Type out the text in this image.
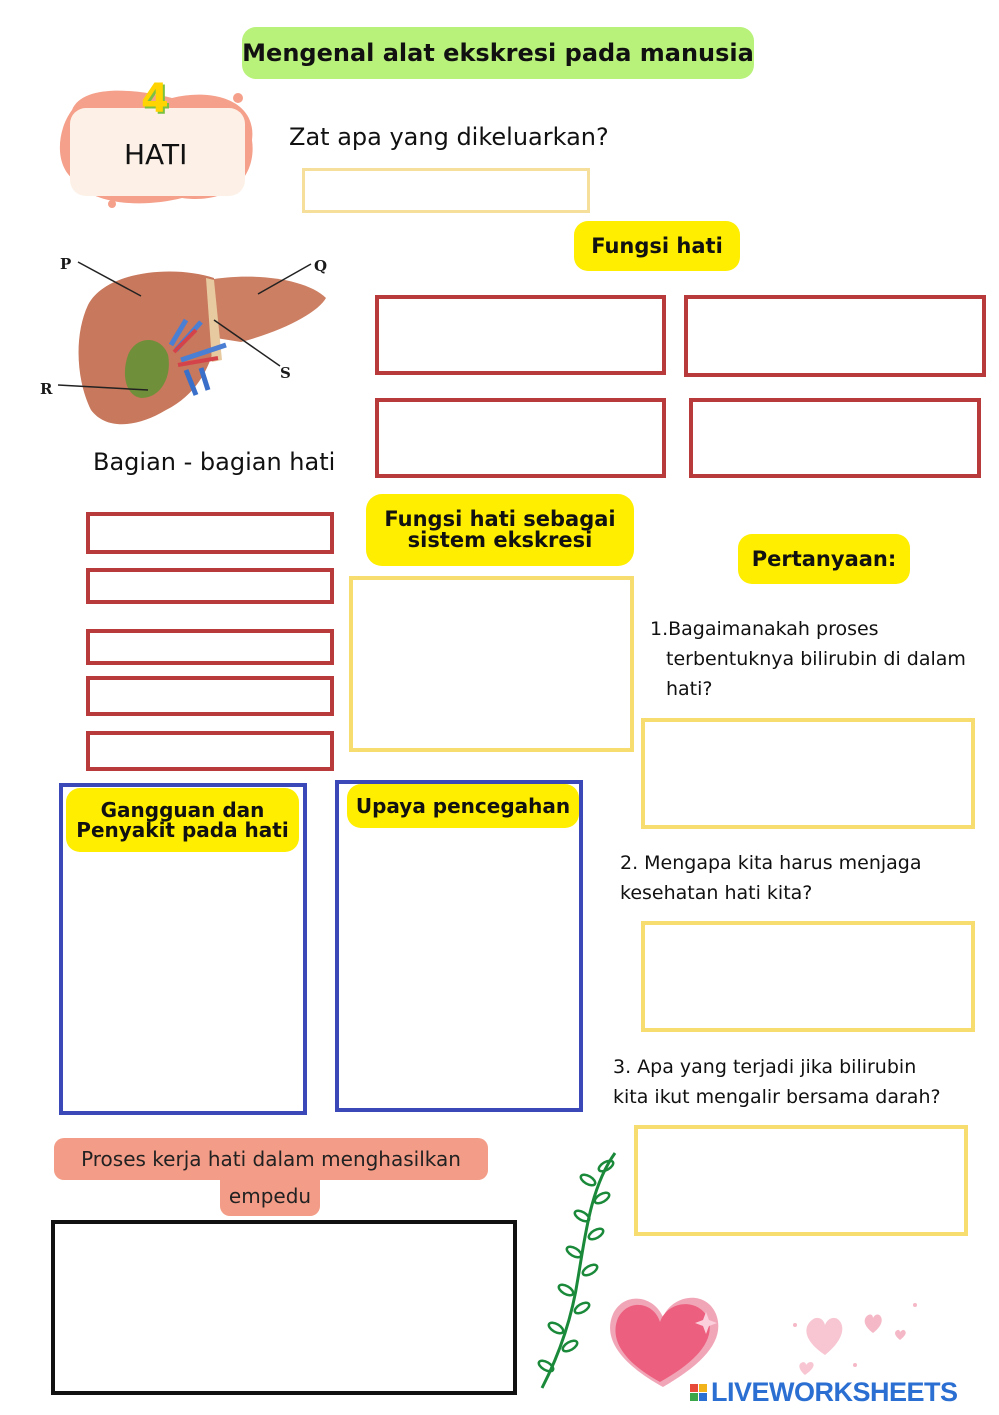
Mengenal alat ekskresi pada manusia
4
HATI
Zat apa yang dikeluarkan?
Fungsi hati
P	Q
R
S
Bagian - bagian hati
Fungsi hati sebagai
sistem ekskresi
Pertanyaan:
1.Bagaimanakah proses
terbentuknya bilirubin di dalam
hati?
2. Mengapa kita harus menjaga
kesehatan hati kita?
3. Apa yang terjadi jika bilirubin
kita ikut mengalir bersama darah?
Gangguan dan
Penyakit pada hati
Upaya pencegahan
Proses kerja hati dalam menghasilkan
empedu
LIVEWORKSHEETS
